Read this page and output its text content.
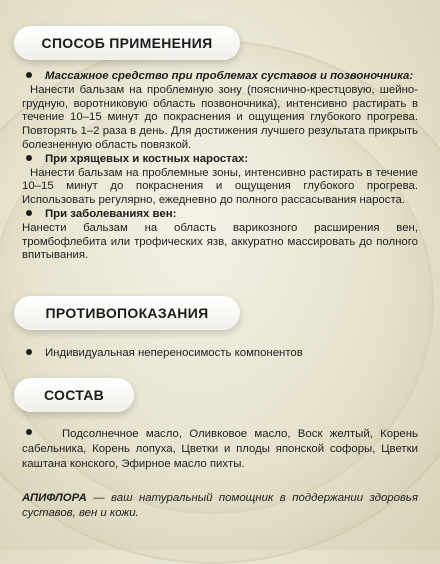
СПОСОБ ПРИМЕНЕНИЯ
Массажное средство при проблемах суставов и позвоночника:

Нанести бальзам на проблемную зону (пояснично-крестцовую, шейно-грудную, воротниковую область позвоночника), интенсивно растирать в течение 10–15 минут до покраснения и ощущения глубокого прогрева. Повторять 1–2 раза в день. Для достижения лучшего результата прикрыть болезненную область повязкой.

При хрящевых и костных наростах:

Нанести бальзам на проблемные зоны, интенсивно растирать в течение 10–15 минут до покраснения и ощущения глубокого прогрева. Использовать регулярно, ежедневно до полного рассасывания нароста.

При заболеваниях вен:

Нанести бальзам на область варикозного расширения вен, тромбофлебита или трофических язв, аккуратно массировать до полного впитывания.

ПРОТИВОПОКАЗАНИЯ
Индивидуальная непереносимость компонентов
СОСТАВ

Подсолнечное масло, Оливковое масло, Воск желтый, Корень сабельника, Корень лопуха, Цветки и плоды японской софоры, Цветки каштана конского, Эфирное масло пихты.

АПИФЛОРА — ваш натуральный помощник в поддержании здоровья суставов, вен и кожи.
